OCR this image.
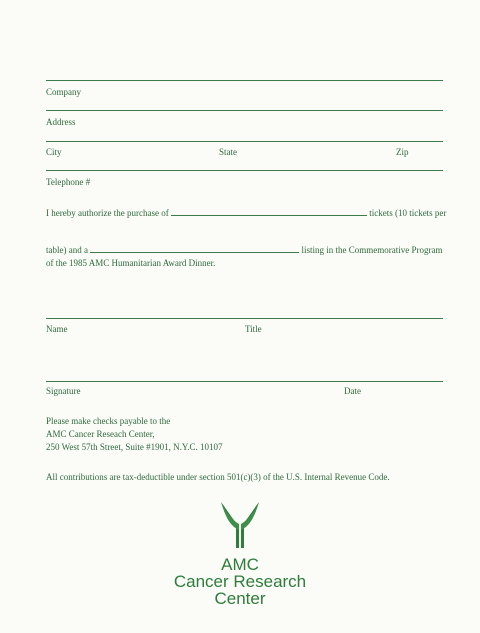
Company
Address
City	State	Zip
Telephone #
I hereby authorize the purchase of	tickets (10 tickets per
table) and a	listing in the Commemorative Program
of the 1985 AMC Humanitarian Award Dinner.
Name	Title
Signature	Date
Please make checks payable to the
AMC Cancer Reseach Center,
250 West 57th Street, Suite #1901, N.Y.C. 10107
All contributions are tax-deductible under section 501(c)(3) of the U.S. Internal Revenue Code.
AMC
Cancer Research
Center
